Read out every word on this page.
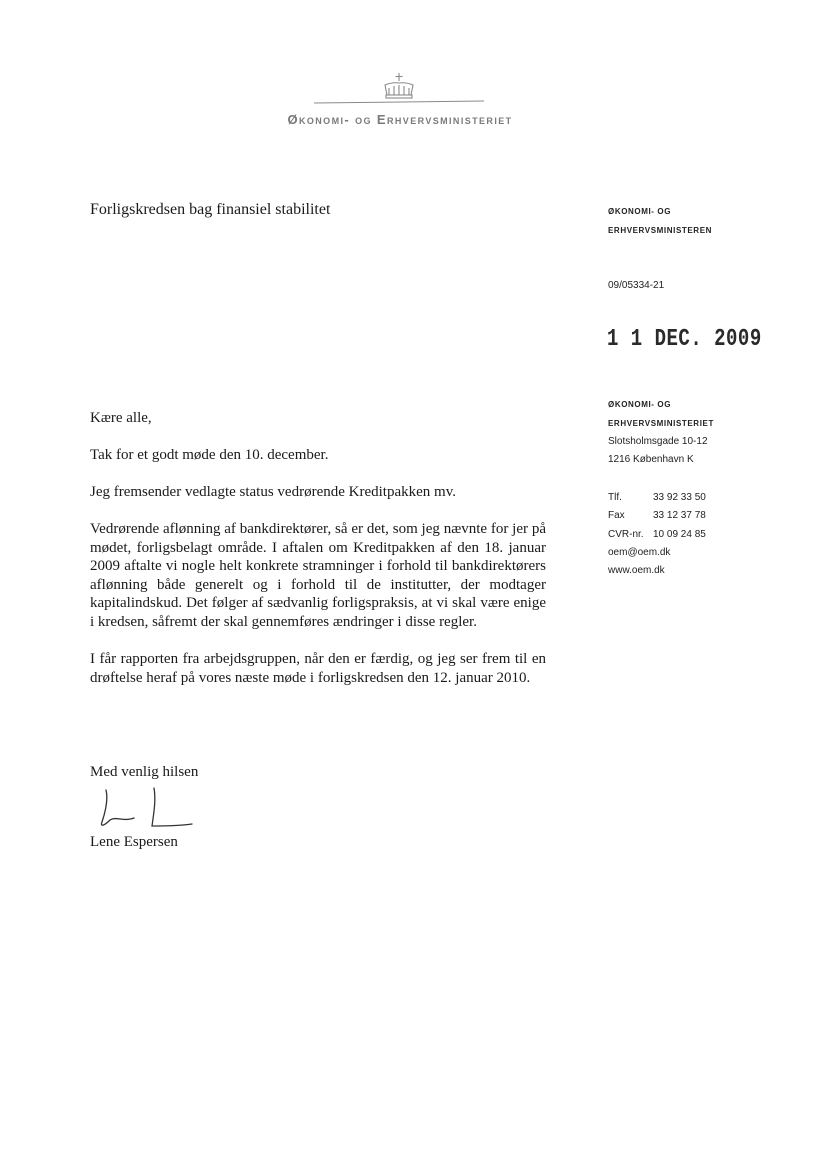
Økonomi- og Erhvervsministeriet
Forligskredsen bag finansiel stabilitet	ØKONOMI- OG
ERHVERVSMINISTEREN
09/05334-21
1 1 DEC. 2009
ØKONOMI- OG
ERHVERVSMINISTERIET
Slotsholmsgade 10-12
1216 København K
Tlf.	33 92 33 50
Fax	33 12 37 78
CVR-nr. 10 09 24 85
oem@oem.dk
www.oem.dk
Kære alle,
Tak for et godt møde den 10. december.
Jeg fremsender vedlagte status vedrørende Kreditpakken mv.
Vedrørende aflønning af bankdirektører, så er det, som jeg nævnte for jer på mødet, forligsbelagt område. I aftalen om Kreditpakken af den 18. januar 2009 aftalte vi nogle helt konkrete stramninger i forhold til bankdirektørers aflønning både generelt og i forhold til de institutter, der modtager kapitalindskud. Det følger af sædvanlig forligspraksis, at vi skal være enige i kredsen, såfremt der skal gennemføres ændringer i disse regler.
I får rapporten fra arbejdsgruppen, når den er færdig, og jeg ser frem til en drøftelse heraf på vores næste møde i forligskredsen den 12. januar 2010.
Med venlig hilsen
Lene Espersen
